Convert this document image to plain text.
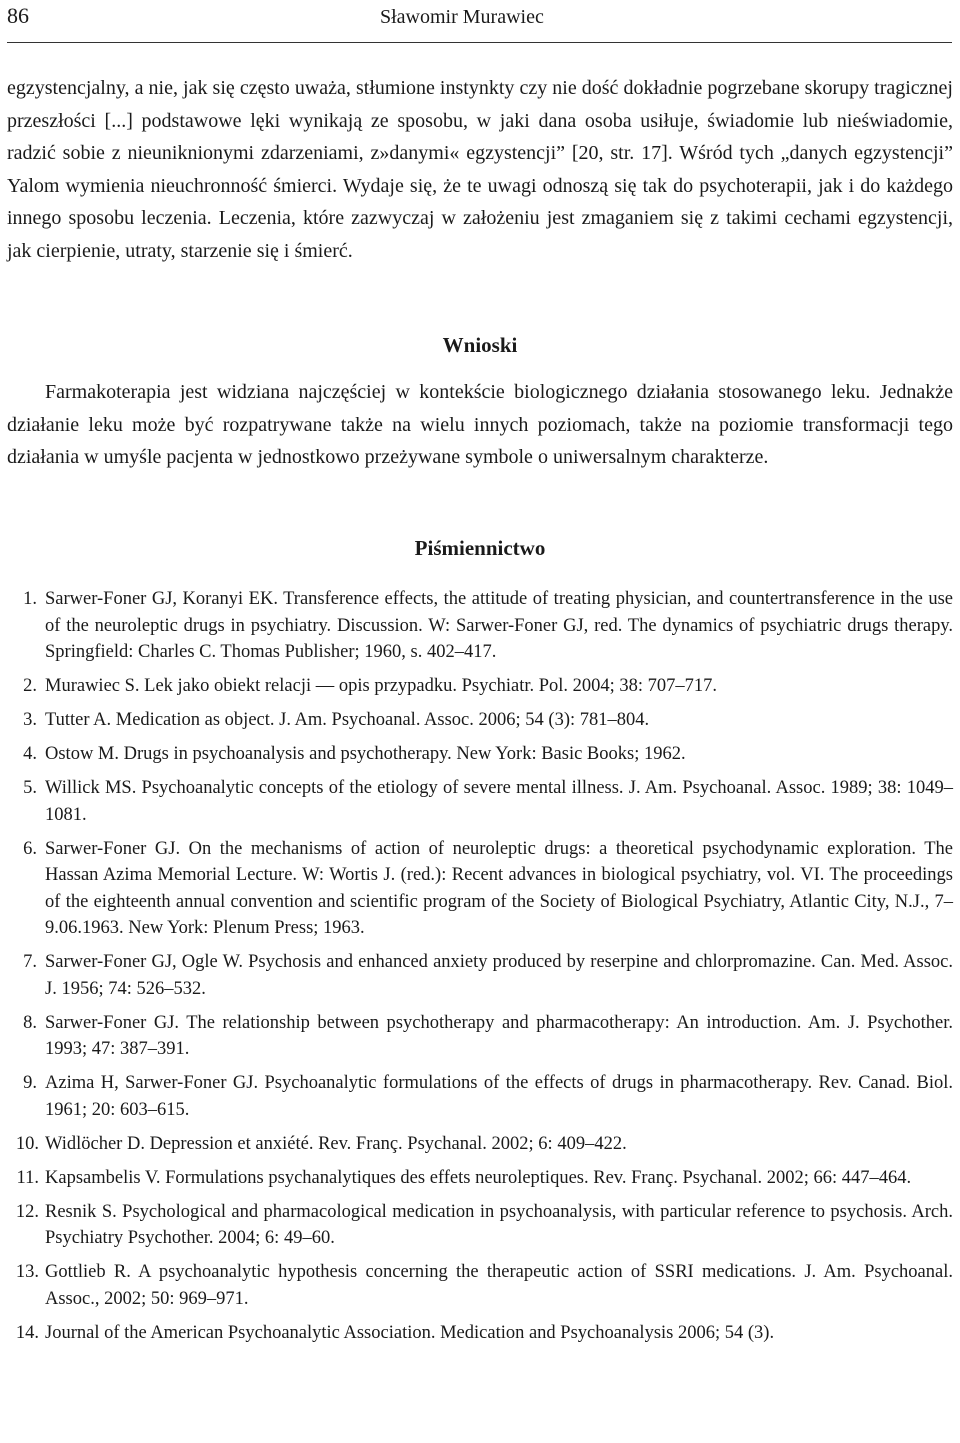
86	Sławomir Murawiec

egzystencjalny, a nie, jak się często uważa, stłumione instynkty czy nie dość dokładnie pogrzebane skorupy tragicznej przeszłości [...] podstawowe lęki wynikają ze sposobu, w jaki dana osoba usiłuje, świadomie lub nieświadomie, radzić sobie z nieuniknionymi zdarzeniami, z»danymi« egzystencji” [20, str. 17]. Wśród tych „danych egzystencji” Yalom wymienia nieuchronność śmierci. Wydaje się, że te uwagi odnoszą się tak do psychoterapii, jak i do każdego innego sposobu leczenia. Leczenia, które zazwyczaj w założeniu jest zmaganiem się z takimi cechami egzystencji, jak cierpienie, utraty, starzenie się i śmierć.

Wnioski

Farmakoterapia jest widziana najczęściej w kontekście biologicznego działania stosowanego leku. Jednakże działanie leku może być rozpatrywane także na wielu innych poziomach, także na poziomie transformacji tego działania w umyśle pacjenta w jednostkowo przeżywane symbole o uniwersalnym charakterze.

Piśmiennictwo
1. Sarwer-Foner GJ, Koranyi EK. Transference effects, the attitude of treating physician, and countertransference in the use of the neuroleptic drugs in psychiatry. Discussion. W: Sarwer-Foner GJ, red. The dynamics of psychiatric drugs therapy. Springfield: Charles C. Thomas Publisher; 1960, s. 402–417.
2. Murawiec S. Lek jako obiekt relacji — opis przypadku. Psychiatr. Pol. 2004; 38: 707–717.
3. Tutter A. Medication as object. J. Am. Psychoanal. Assoc. 2006; 54 (3): 781–804.
4. Ostow M. Drugs in psychoanalysis and psychotherapy. New York: Basic Books; 1962.
5. Willick MS. Psychoanalytic concepts of the etiology of severe mental illness. J. Am. Psychoanal. Assoc. 1989; 38: 1049–1081.
6. Sarwer-Foner GJ. On the mechanisms of action of neuroleptic drugs: a theoretical psychodynamic exploration. The Hassan Azima Memorial Lecture. W: Wortis J. (red.): Recent advances in biological psychiatry, vol. VI. The proceedings of the eighteenth annual convention and scientific program of the Society of Biological Psychiatry, Atlantic City, N.J., 7–9.06.1963. New York: Plenum Press; 1963.
7. Sarwer-Foner GJ, Ogle W. Psychosis and enhanced anxiety produced by reserpine and chlorpromazine. Can. Med. Assoc. J. 1956; 74: 526–532.
8. Sarwer-Foner GJ. The relationship between psychotherapy and pharmacotherapy: An introduction. Am. J. Psychother. 1993; 47: 387–391.
9. Azima H, Sarwer-Foner GJ. Psychoanalytic formulations of the effects of drugs in pharmacotherapy. Rev. Canad. Biol. 1961; 20: 603–615.
10. Widlöcher D. Depression et anxiété. Rev. Franç. Psychanal. 2002; 6: 409–422.
11. Kapsambelis V. Formulations psychanalytiques des effets neuroleptiques. Rev. Franç. Psychanal. 2002; 66: 447–464.
12. Resnik S. Psychological and pharmacological medication in psychoanalysis, with particular reference to psychosis. Arch. Psychiatry Psychother. 2004; 6: 49–60.
13. Gottlieb R. A psychoanalytic hypothesis concerning the therapeutic action of SSRI medications. J. Am. Psychoanal. Assoc., 2002; 50: 969–971.
14. Journal of the American Psychoanalytic Association. Medication and Psychoanalysis 2006; 54 (3).
